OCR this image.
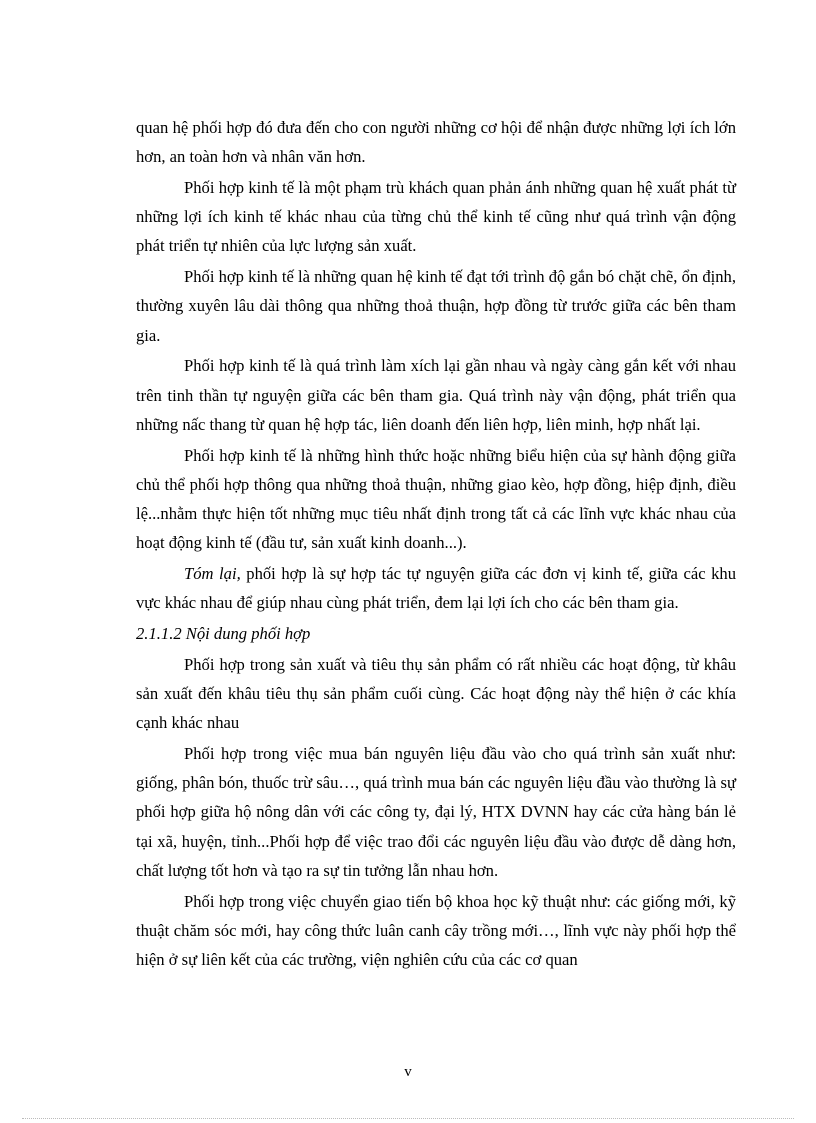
quan hệ phối hợp đó đưa đến cho con người những cơ hội để nhận được những lợi ích lớn hơn, an toàn hơn và nhân văn hơn.

Phối hợp kinh tế là một phạm trù khách quan phản ánh những quan hệ xuất phát từ những lợi ích kinh tế khác nhau của từng chủ thể kinh tế cũng như quá trình vận động phát triển tự nhiên của lực lượng sản xuất.

Phối hợp kinh tế là những quan hệ kinh tế đạt tới trình độ gắn bó chặt chẽ, ổn định, thường xuyên lâu dài thông qua những thoả thuận, hợp đồng từ trước giữa các bên tham gia.

Phối hợp kinh tế là quá trình làm xích lại gần nhau và ngày càng gắn kết với nhau trên tinh thần tự nguyện giữa các bên tham gia. Quá trình này vận động, phát triển qua những nấc thang từ quan hệ hợp tác, liên doanh đến liên hợp, liên minh, hợp nhất lại.

Phối hợp kinh tế là những hình thức hoặc những biểu hiện của sự hành động giữa chủ thể phối hợp thông qua những thoả thuận, những giao kèo, hợp đồng, hiệp định, điều lệ...nhằm thực hiện tốt những mục tiêu nhất định trong tất cả các lĩnh vực khác nhau của hoạt động kinh tế (đầu tư, sản xuất kinh doanh...).

Tóm lại, phối hợp là sự hợp tác tự nguyện giữa các đơn vị kinh tế, giữa các khu vực khác nhau để giúp nhau cùng phát triển, đem lại lợi ích cho các bên tham gia.

2.1.1.2 Nội dung phối hợp

Phối hợp trong sản xuất và tiêu thụ sản phẩm có rất nhiều các hoạt động, từ khâu sản xuất đến khâu tiêu thụ sản phẩm cuối cùng. Các hoạt động này thể hiện ở các khía cạnh khác nhau

Phối hợp trong việc mua bán nguyên liệu đầu vào cho quá trình sản xuất như: giống, phân bón, thuốc trừ sâu…, quá trình mua bán các nguyên liệu đầu vào thường là sự phối hợp giữa hộ nông dân với các công ty, đại lý, HTX DVNN hay các cửa hàng bán lẻ tại xã, huyện, tỉnh...Phối hợp để việc trao đổi các nguyên liệu đầu vào được dễ dàng hơn, chất lượng tốt hơn và tạo ra sự tin tưởng lẫn nhau hơn.

Phối hợp trong việc chuyển giao tiến bộ khoa học kỹ thuật như: các giống mới, kỹ thuật chăm sóc mới, hay công thức luân canh cây trồng mới…, lĩnh vực này phối hợp thể hiện ở sự liên kết của các trường, viện nghiên cứu của các cơ quan

v
